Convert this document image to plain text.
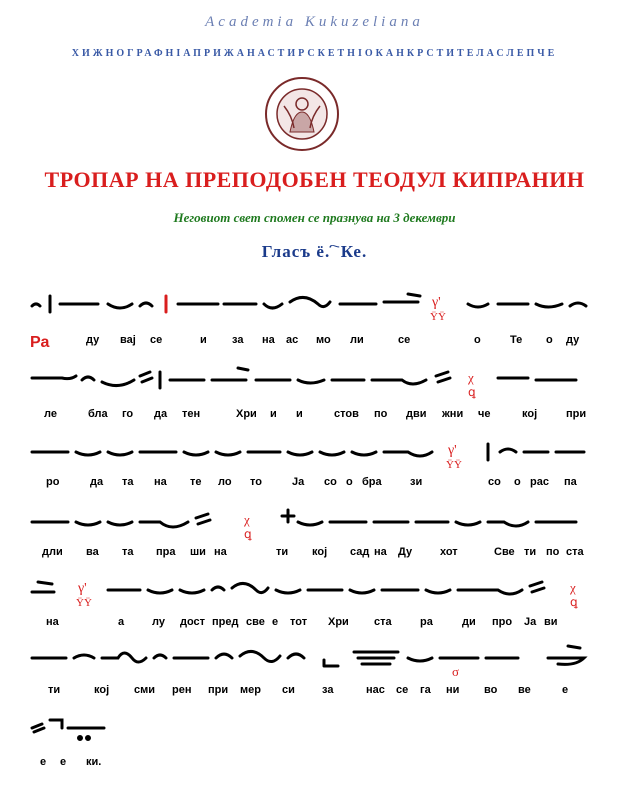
Academia Kukuzeliana
ХИЖНОГРАФНІАПРИЖАНАСТИРСКЕТНІОКАНКРСТИТЕЛАСЛЕПЧЕ
ТРОПАР НА ПРЕПОДОБЕН ТЕОДУЛ КИПРАНИН
Неговиот свет спомен се празнува на 3 декември
Гласъ ё. ҇ Ке.
γ'
ΫΫ
Ра	ду вај се	и за на ас мо ли	се	о	Те о ду
χ
ꝗ
ле	бла го да тен	Хри и и	стов по дви жни че	кој	при
γ'
ΫΫ
ро	да та на те ло то	Ја со о бра	зи	со о рас па
χ
ꝗ
дли ва та пра ши на	ти кој сад на Ду	хот	Све ти по ста
γ'
ΫΫ
χ
ꝗ
на	а	лу дост пред све е тот Хри ста	ра	ди про Ја ви
σ
ти	кој сми рен при мер си за	нас се га ни во ве	е
е е ки.
